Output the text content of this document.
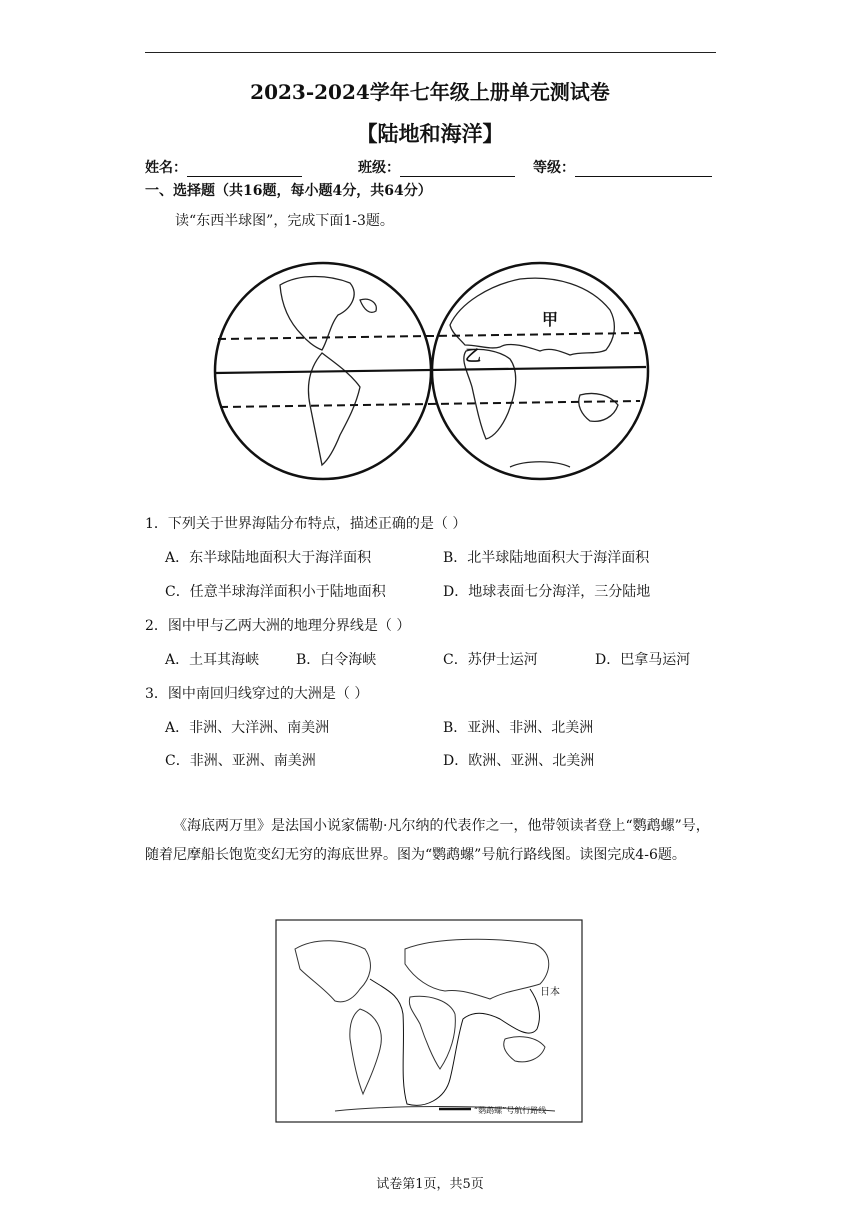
2023-2024学年七年级上册单元测试卷
【陆地和海洋】
姓名：	班级：	等级：
一、选择题（共16题，每小题4分，共64分）
读“东西半球图”，完成下面1-3题。
甲
乙
1．下列关于世界海陆分布特点，描述正确的是（ ）
A．东半球陆地面积大于海洋面积	B．北半球陆地面积大于海洋面积
C．任意半球海洋面积小于陆地面积	D．地球表面七分海洋，三分陆地
2．图中甲与乙两大洲的地理分界线是（ ）
A．土耳其海峡	B．白令海峡	C．苏伊士运河	D．巴拿马运河
3．图中南回归线穿过的大洲是（ ）
A．非洲、大洋洲、南美洲	B．亚洲、非洲、北美洲
C．非洲、亚洲、南美洲	D．欧洲、亚洲、北美洲
《海底两万里》是法国小说家儒勒·凡尔纳的代表作之一，他带领读者登上“鹦鹉螺”号，随着尼摩船长饱览变幻无穷的海底世界。图为“鹦鹉螺”号航行路线图。读图完成4-6题。
日本
“鹦鹉螺”号航行路线
试卷第1页，共5页
